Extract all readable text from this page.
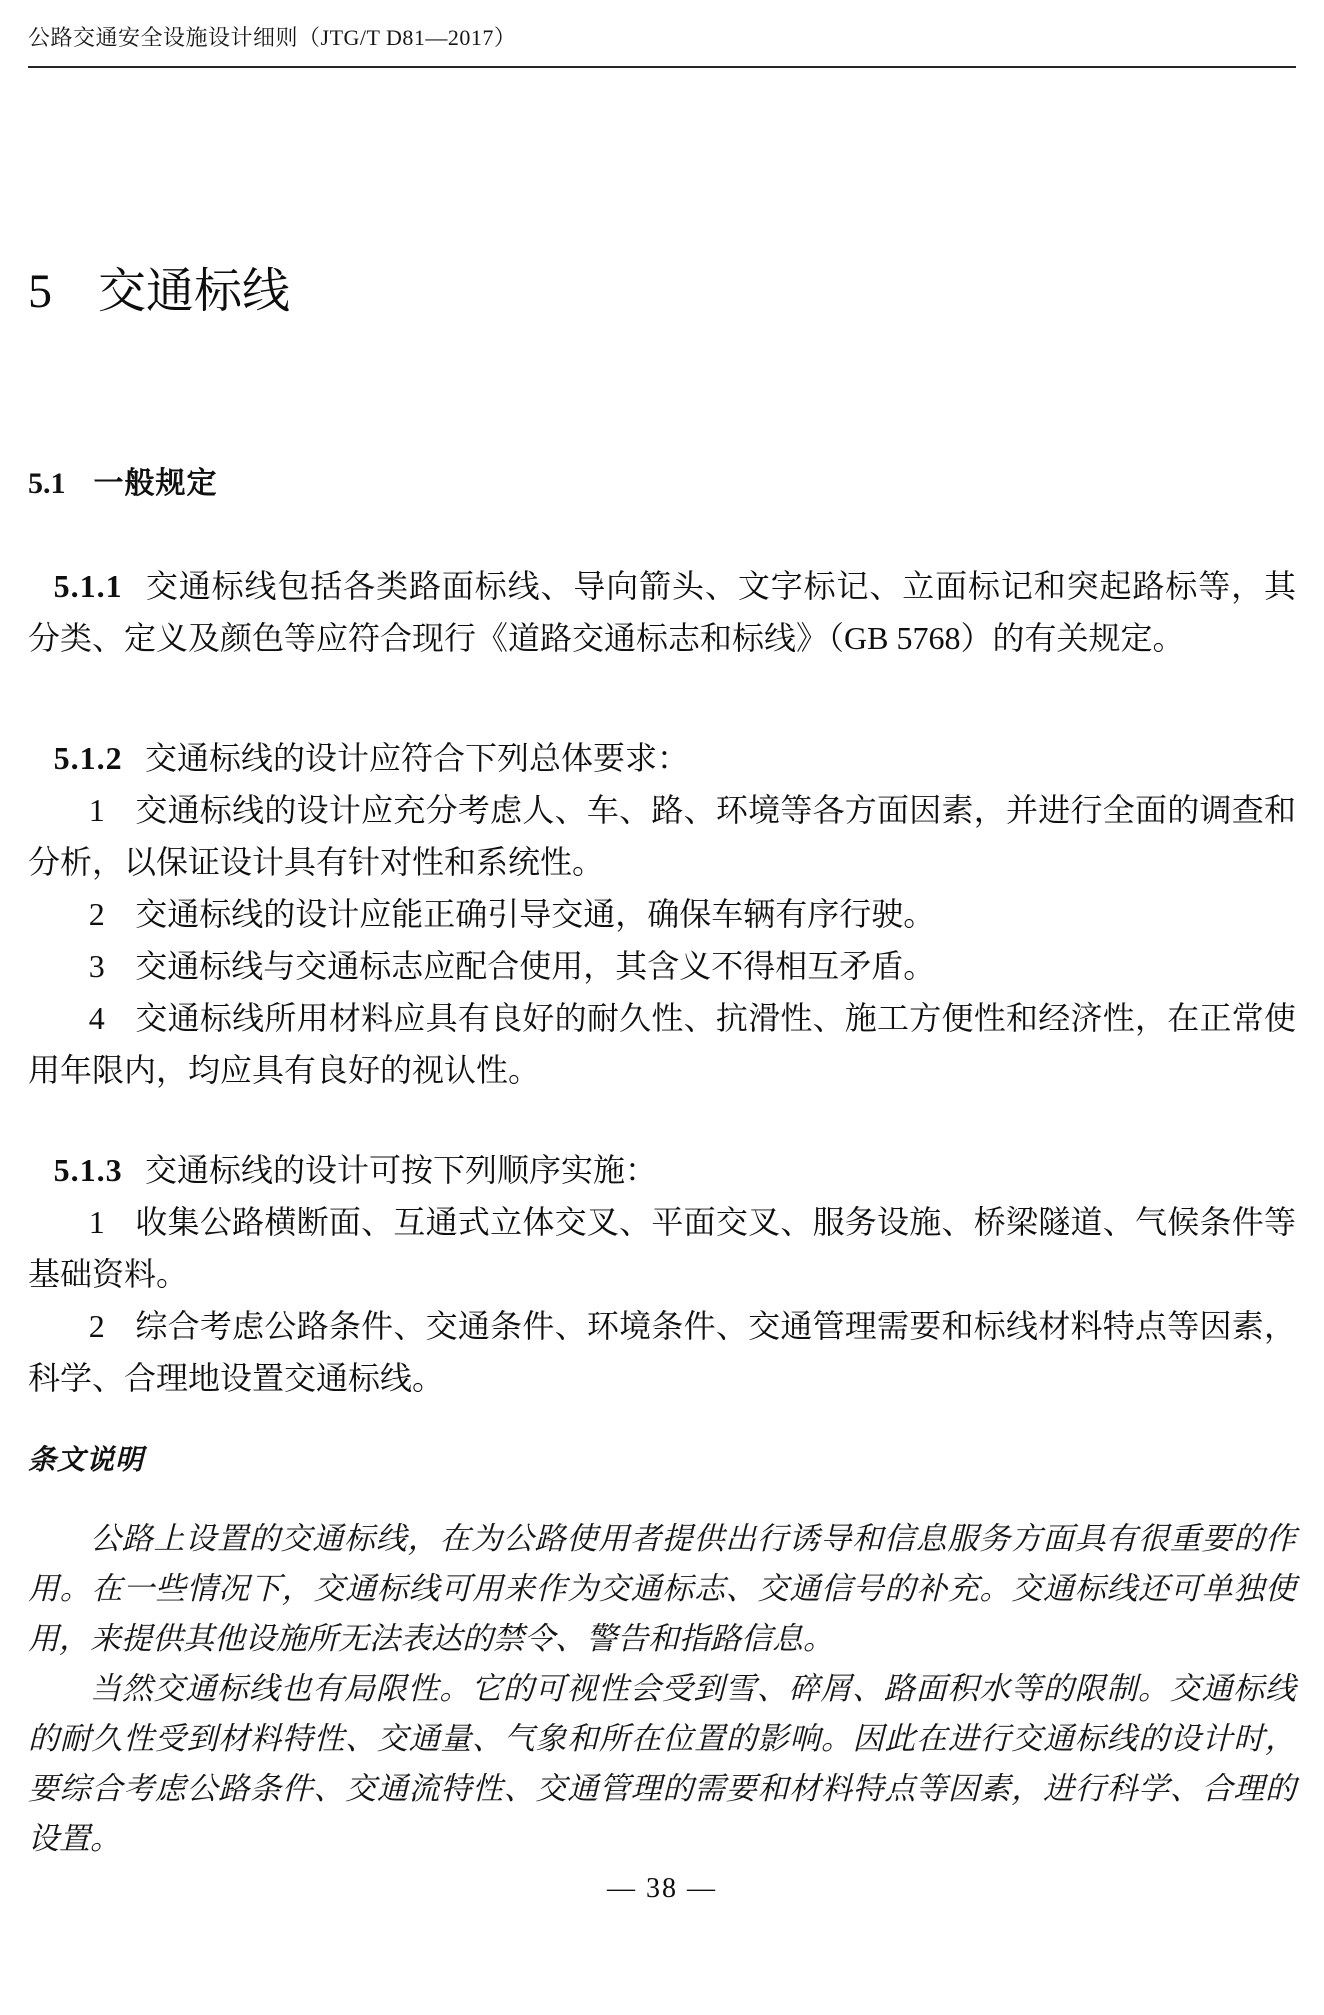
公路交通安全设施设计细则（JTG/T D81—2017）
5 交通标线
5.1 一般规定

5.1.1 交通标线包括各类路面标线、导向箭头、文字标记、立面标记和突起路标等，其分类、定义及颜色等应符合现行《道路交通标志和标线》（GB 5768）的有关规定。

5.1.2 交通标线的设计应符合下列总体要求：

1 交通标线的设计应充分考虑人、车、路、环境等各方面因素，并进行全面的调查和分析，以保证设计具有针对性和系统性。

2 交通标线的设计应能正确引导交通，确保车辆有序行驶。

3 交通标线与交通标志应配合使用，其含义不得相互矛盾。

4 交通标线所用材料应具有良好的耐久性、抗滑性、施工方便性和经济性，在正常使用年限内，均应具有良好的视认性。

5.1.3 交通标线的设计可按下列顺序实施：

1 收集公路横断面、互通式立体交叉、平面交叉、服务设施、桥梁隧道、气候条件等基础资料。

2 综合考虑公路条件、交通条件、环境条件、交通管理需要和标线材料特点等因素，科学、合理地设置交通标线。

条文说明

公路上设置的交通标线，在为公路使用者提供出行诱导和信息服务方面具有很重要的作用。在一些情况下，交通标线可用来作为交通标志、交通信号的补充。交通标线还可单独使用，来提供其他设施所无法表达的禁令、警告和指路信息。

当然交通标线也有局限性。它的可视性会受到雪、碎屑、路面积水等的限制。交通标线的耐久性受到材料特性、交通量、气象和所在位置的影响。因此在进行交通标线的设计时，要综合考虑公路条件、交通流特性、交通管理的需要和材料特点等因素，进行科学、合理的设置。

— 38 —
